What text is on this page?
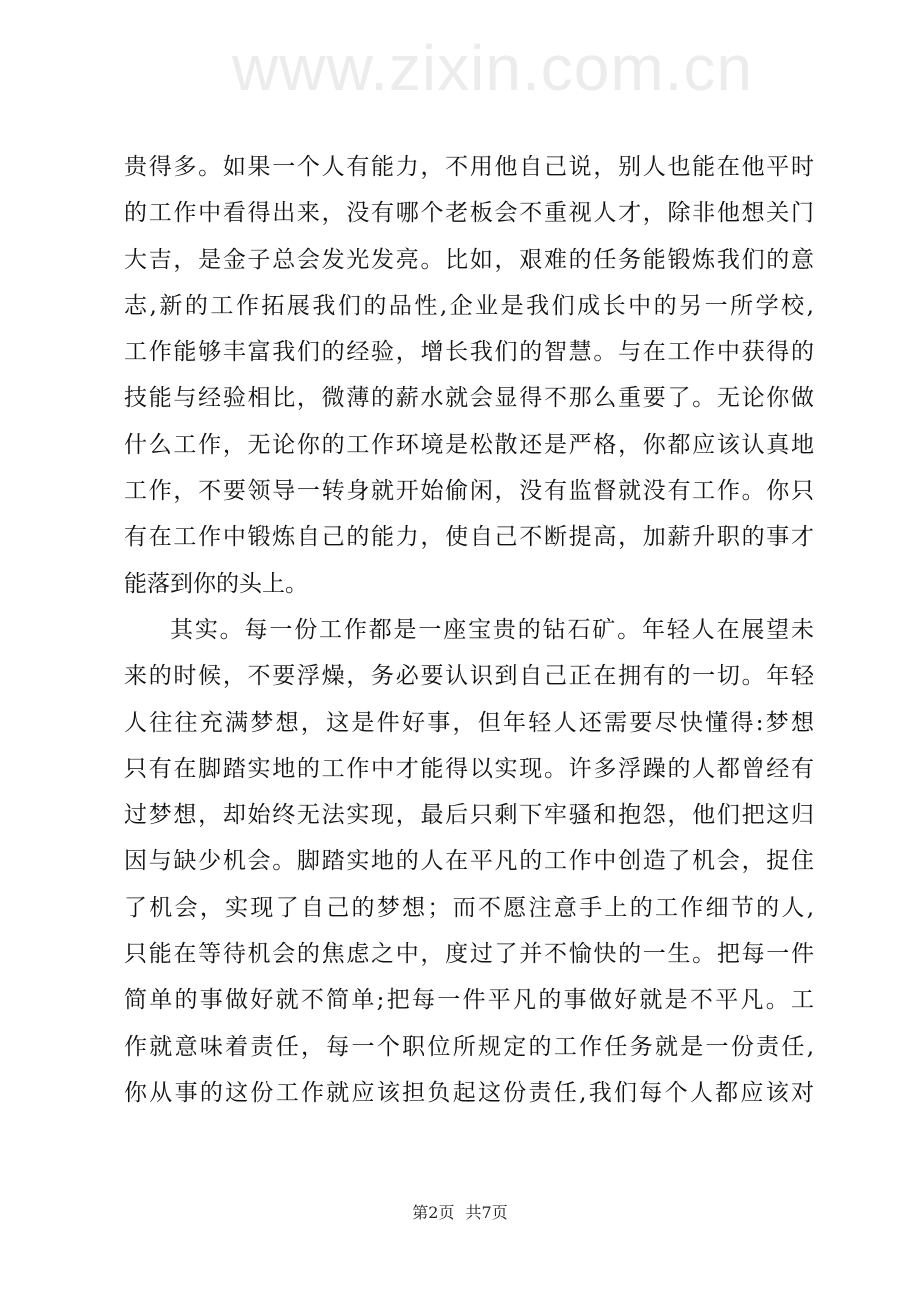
www.zixin.com.cn
贵得多。如果一个人有能力，不用他自己说，别人也能在他平时
的工作中看得出来，没有哪个老板会不重视人才，除非他想关门
大吉，是金子总会发光发亮。比如，艰难的任务能锻炼我们的意
志,新的工作拓展我们的品性,企业是我们成长中的另一所学校,
工作能够丰富我们的经验，增长我们的智慧。与在工作中获得的
技能与经验相比，微薄的薪水就会显得不那么重要了。无论你做
什么工作，无论你的工作环境是松散还是严格，你都应该认真地
工作，不要领导一转身就开始偷闲，没有监督就没有工作。你只
有在工作中锻炼自己的能力，使自己不断提高，加薪升职的事才
能落到你的头上。
其实。每一份工作都是一座宝贵的钻石矿。年轻人在展望未
来的时候，不要浮燥，务必要认识到自己正在拥有的一切。年轻
人往往充满梦想，这是件好事，但年轻人还需要尽快懂得:梦想
只有在脚踏实地的工作中才能得以实现。许多浮躁的人都曾经有
过梦想，却始终无法实现，最后只剩下牢骚和抱怨，他们把这归
因与缺少机会。脚踏实地的人在平凡的工作中创造了机会，捉住
了机会，实现了自己的梦想；而不愿注意手上的工作细节的人,
只能在等待机会的焦虑之中，度过了并不愉快的一生。把每一件
简单的事做好就不简单;把每一件平凡的事做好就是不平凡。工
作就意味着责任，每一个职位所规定的工作任务就是一份责任,
你从事的这份工作就应该担负起这份责任,我们每个人都应该对
第2页 共7页
